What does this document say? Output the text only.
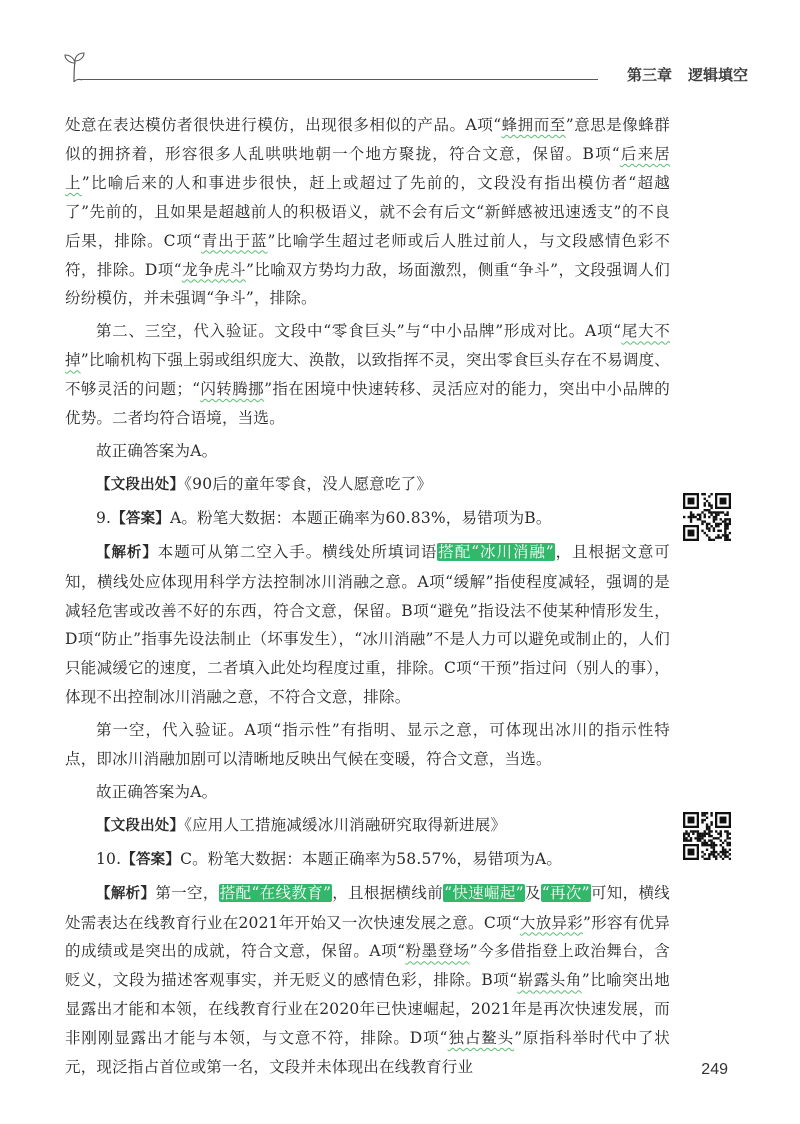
第三章 逻辑填空

处意在表达模仿者很快进行模仿，出现很多相似的产品。A项“蜂拥而至”意思是像蜂群似的拥挤着，形容很多人乱哄哄地朝一个地方聚拢，符合文意，保留。B项“后来居上”比喻后来的人和事进步很快，赶上或超过了先前的，文段没有指出模仿者“超越了”先前的，且如果是超越前人的积极语义，就不会有后文“新鲜感被迅速透支”的不良后果，排除。C项“青出于蓝”比喻学生超过老师或后人胜过前人，与文段感情色彩不符，排除。D项“龙争虎斗”比喻双方势均力敌，场面激烈，侧重“争斗”，文段强调人们纷纷模仿，并未强调“争斗”，排除。

第二、三空，代入验证。文段中“零食巨头”与“中小品牌”形成对比。A项“尾大不掉”比喻机构下强上弱或组织庞大、涣散，以致指挥不灵，突出零食巨头存在不易调度、不够灵活的问题；“闪转腾挪”指在困境中快速转移、灵活应对的能力，突出中小品牌的优势。二者均符合语境，当选。

故正确答案为A。

【文段出处】《90后的童年零食，没人愿意吃了》

9.【答案】A。粉笔大数据：本题正确率为60.83%，易错项为B。

【解析】本题可从第二空入手。横线处所填词语搭配“冰川消融”，且根据文意可知，横线处应体现用科学方法控制冰川消融之意。A项“缓解”指使程度减轻，强调的是减轻危害或改善不好的东西，符合文意，保留。B项“避免”指设法不使某种情形发生，D项“防止”指事先设法制止（坏事发生），“冰川消融”不是人力可以避免或制止的，人们只能减缓它的速度，二者填入此处均程度过重，排除。C项“干预”指过问（别人的事），体现不出控制冰川消融之意，不符合文意，排除。

第一空，代入验证。A项“指示性”有指明、显示之意，可体现出冰川的指示性特点，即冰川消融加剧可以清晰地反映出气候在变暖，符合文意，当选。

故正确答案为A。

【文段出处】《应用人工措施减缓冰川消融研究取得新进展》

10.【答案】C。粉笔大数据：本题正确率为58.57%，易错项为A。

【解析】第一空，搭配“在线教育”，且根据横线前“快速崛起”及“再次”可知，横线处需表达在线教育行业在2021年开始又一次快速发展之意。C项“大放异彩”形容有优异的成绩或是突出的成就，符合文意，保留。A项“粉墨登场”今多借指登上政治舞台，含贬义，文段为描述客观事实，并无贬义的感情色彩，排除。B项“崭露头角”比喻突出地显露出才能和本领，在线教育行业在2020年已快速崛起，2021年是再次快速发展，而非刚刚显露出才能与本领，与文意不符，排除。D项“独占鳌头”原指科举时代中了状元，现泛指占首位或第一名，文段并未体现出在线教育行业	249
